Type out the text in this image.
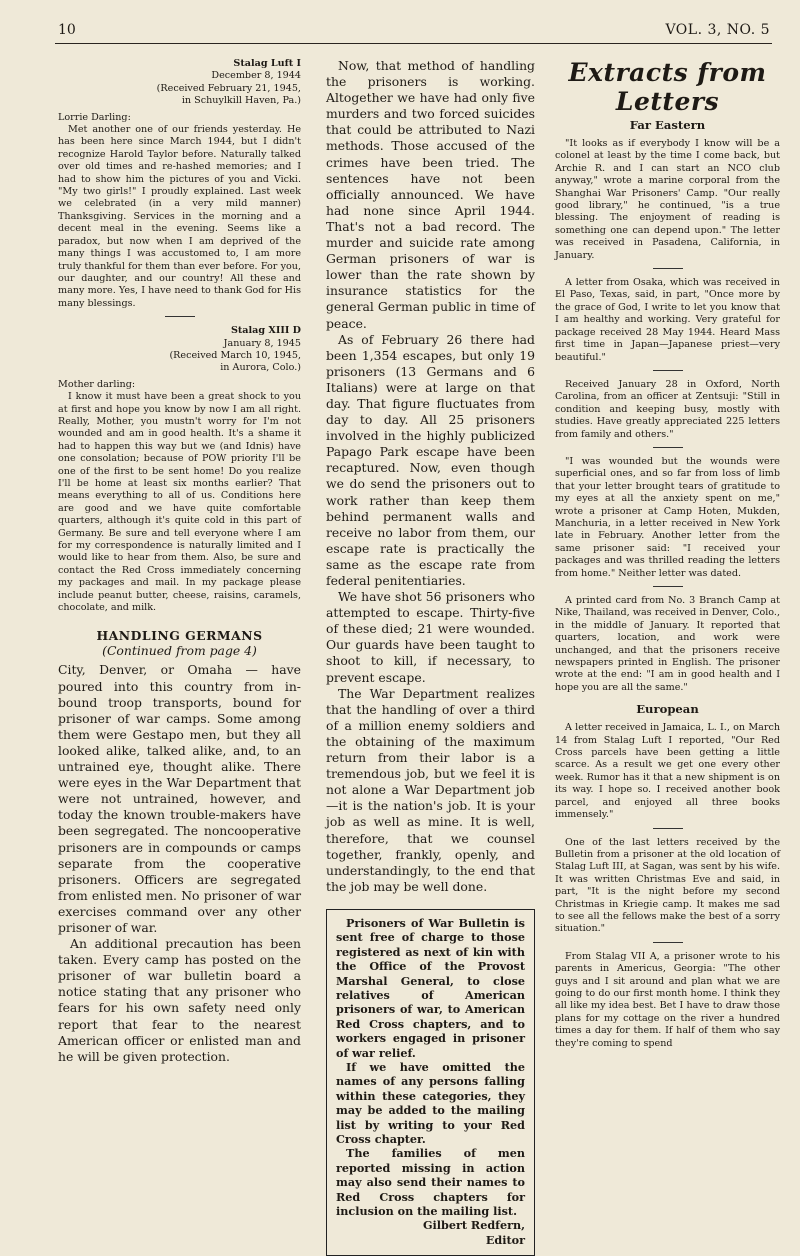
10	VOL. 3, NO. 5
Stalag Luft I
December 8, 1944
(Received February 21, 1945,
in Schuylkill Haven, Pa.)

Lorrie Darling:

Met another one of our friends yesterday. He has been here since March 1944, but I didn't recognize Harold Taylor before. Naturally talked over old times and re-hashed memories; and I had to show him the pictures of you and Vicki. "My two girls!" I proudly explained. Last week we celebrated (in a very mild manner) Thanksgiving. Services in the morning and a decent meal in the evening. Seems like a paradox, but now when I am deprived of the many things I was accustomed to, I am more truly thankful for them than ever before. For you, our daughter, and our country! All these and many more. Yes, I have need to thank God for His many blessings.

Stalag XIII D
January 8, 1945
(Received March 10, 1945,
in Aurora, Colo.)

Mother darling:

I know it must have been a great shock to you at first and hope you know by now I am all right. Really, Mother, you mustn't worry for I'm not wounded and am in good health. It's a shame it had to happen this way but we (and Idnis) have one consolation; because of POW priority I'll be one of the first to be sent home! Do you realize I'll be home at least six months earlier? That means everything to all of us. Conditions here are good and we have quite comfortable quarters, although it's quite cold in this part of Germany. Be sure and tell everyone where I am for my correspondence is naturally limited and I would like to hear from them. Also, be sure and contact the Red Cross immediately concerning my packages and mail. In my package please include peanut butter, cheese, raisins, caramels, chocolate, and milk.

HANDLING GERMANS
(Continued from page 4)

City, Denver, or Omaha — have poured into this country from in-bound troop transports, bound for prisoner of war camps. Some among them were Gestapo men, but they all looked alike, talked alike, and, to an untrained eye, thought alike. There were eyes in the War Department that were not untrained, however, and today the known trouble-makers have been segregated. The noncooperative prisoners are in compounds or camps separate from the cooperative prisoners. Officers are segregated from enlisted men. No prisoner of war exercises command over any other prisoner of war.

An additional precaution has been taken. Every camp has posted on the prisoner of war bulletin board a notice stating that any prisoner who fears for his own safety need only report that fear to the nearest American officer or enlisted man and he will be given protection.

Now, that method of handling the prisoners is working. Altogether we have had only five murders and two forced suicides that could be attributed to Nazi methods. Those accused of the crimes have been tried. The sentences have not been officially announced. We have had none since April 1944. That's not a bad record. The murder and suicide rate among German prisoners of war is lower than the rate shown by insurance statistics for the general German public in time of peace.

As of February 26 there had been 1,354 escapes, but only 19 prisoners (13 Germans and 6 Italians) were at large on that day. That figure fluctuates from day to day. All 25 prisoners involved in the highly publicized Papago Park escape have been recaptured. Now, even though we do send the prisoners out to work rather than keep them behind permanent walls and receive no labor from them, our escape rate is practically the same as the escape rate from federal penitentiaries.

We have shot 56 prisoners who attempted to escape. Thirty-five of these died; 21 were wounded. Our guards have been taught to shoot to kill, if necessary, to prevent escape.

The War Department realizes that the handling of over a third of a million enemy soldiers and the obtaining of the maximum return from their labor is a tremendous job, but we feel it is not alone a War Department job—it is the nation's job. It is your job as well as mine. It is well, therefore, that we counsel together, frankly, openly, and understandingly, to the end that the job may be well done.

Prisoners of War Bulletin is sent free of charge to those registered as next of kin with the Office of the Provost Marshal General, to close relatives of American prisoners of war, to American Red Cross chapters, and to workers engaged in prisoner of war relief.

If we have omitted the names of any persons falling within these categories, they may be added to the mailing list by writing to your Red Cross chapter.

The families of men reported missing in action may also send their names to Red Cross chapters for inclusion on the mailing list.

Gilbert Redfern,

Editor

Extracts from Letters
Far Eastern

"It looks as if everybody I know will be a colonel at least by the time I come back, but Archie R. and I can start an NCO club anyway," wrote a marine corporal from the Shanghai War Prisoners' Camp. "Our really good library," he continued, "is a true blessing. The enjoyment of reading is something one can depend upon." The letter was received in Pasadena, California, in January.

A letter from Osaka, which was received in El Paso, Texas, said, in part, "Once more by the grace of God, I write to let you know that I am healthy and working. Very grateful for package received 28 May 1944. Heard Mass first time in Japan—Japanese priest—very beautiful."

Received January 28 in Oxford, North Carolina, from an officer at Zentsuji: "Still in condition and keeping busy, mostly with studies. Have greatly appreciated 225 letters from family and others."

"I was wounded but the wounds were superficial ones, and so far from loss of limb that your letter brought tears of gratitude to my eyes at all the anxiety spent on me," wrote a prisoner at Camp Hoten, Mukden, Manchuria, in a letter received in New York late in February. Another letter from the same prisoner said: "I received your packages and was thrilled reading the letters from home." Neither letter was dated.

A printed card from No. 3 Branch Camp at Nike, Thailand, was received in Denver, Colo., in the middle of January. It reported that quarters, location, and work were unchanged, and that the prisoners receive newspapers printed in English. The prisoner wrote at the end: "I am in good health and I hope you are all the same."

European

A letter received in Jamaica, L. I., on March 14 from Stalag Luft I reported, "Our Red Cross parcels have been getting a little scarce. As a result we get one every other week. Rumor has it that a new shipment is on its way. I hope so. I received another book parcel, and enjoyed all three books immensely."

One of the last letters received by the Bulletin from a prisoner at the old location of Stalag Luft III, at Sagan, was sent by his wife. It was written Christmas Eve and said, in part, "It is the night before my second Christmas in Kriegie camp. It makes me sad to see all the fellows make the best of a sorry situation."

From Stalag VII A, a prisoner wrote to his parents in Americus, Georgia: "The other guys and I sit around and plan what we are going to do our first month home. I think they all like my idea best. Bet I have to draw those plans for my cottage on the river a hundred times a day for them. If half of them who say they're coming to spend
